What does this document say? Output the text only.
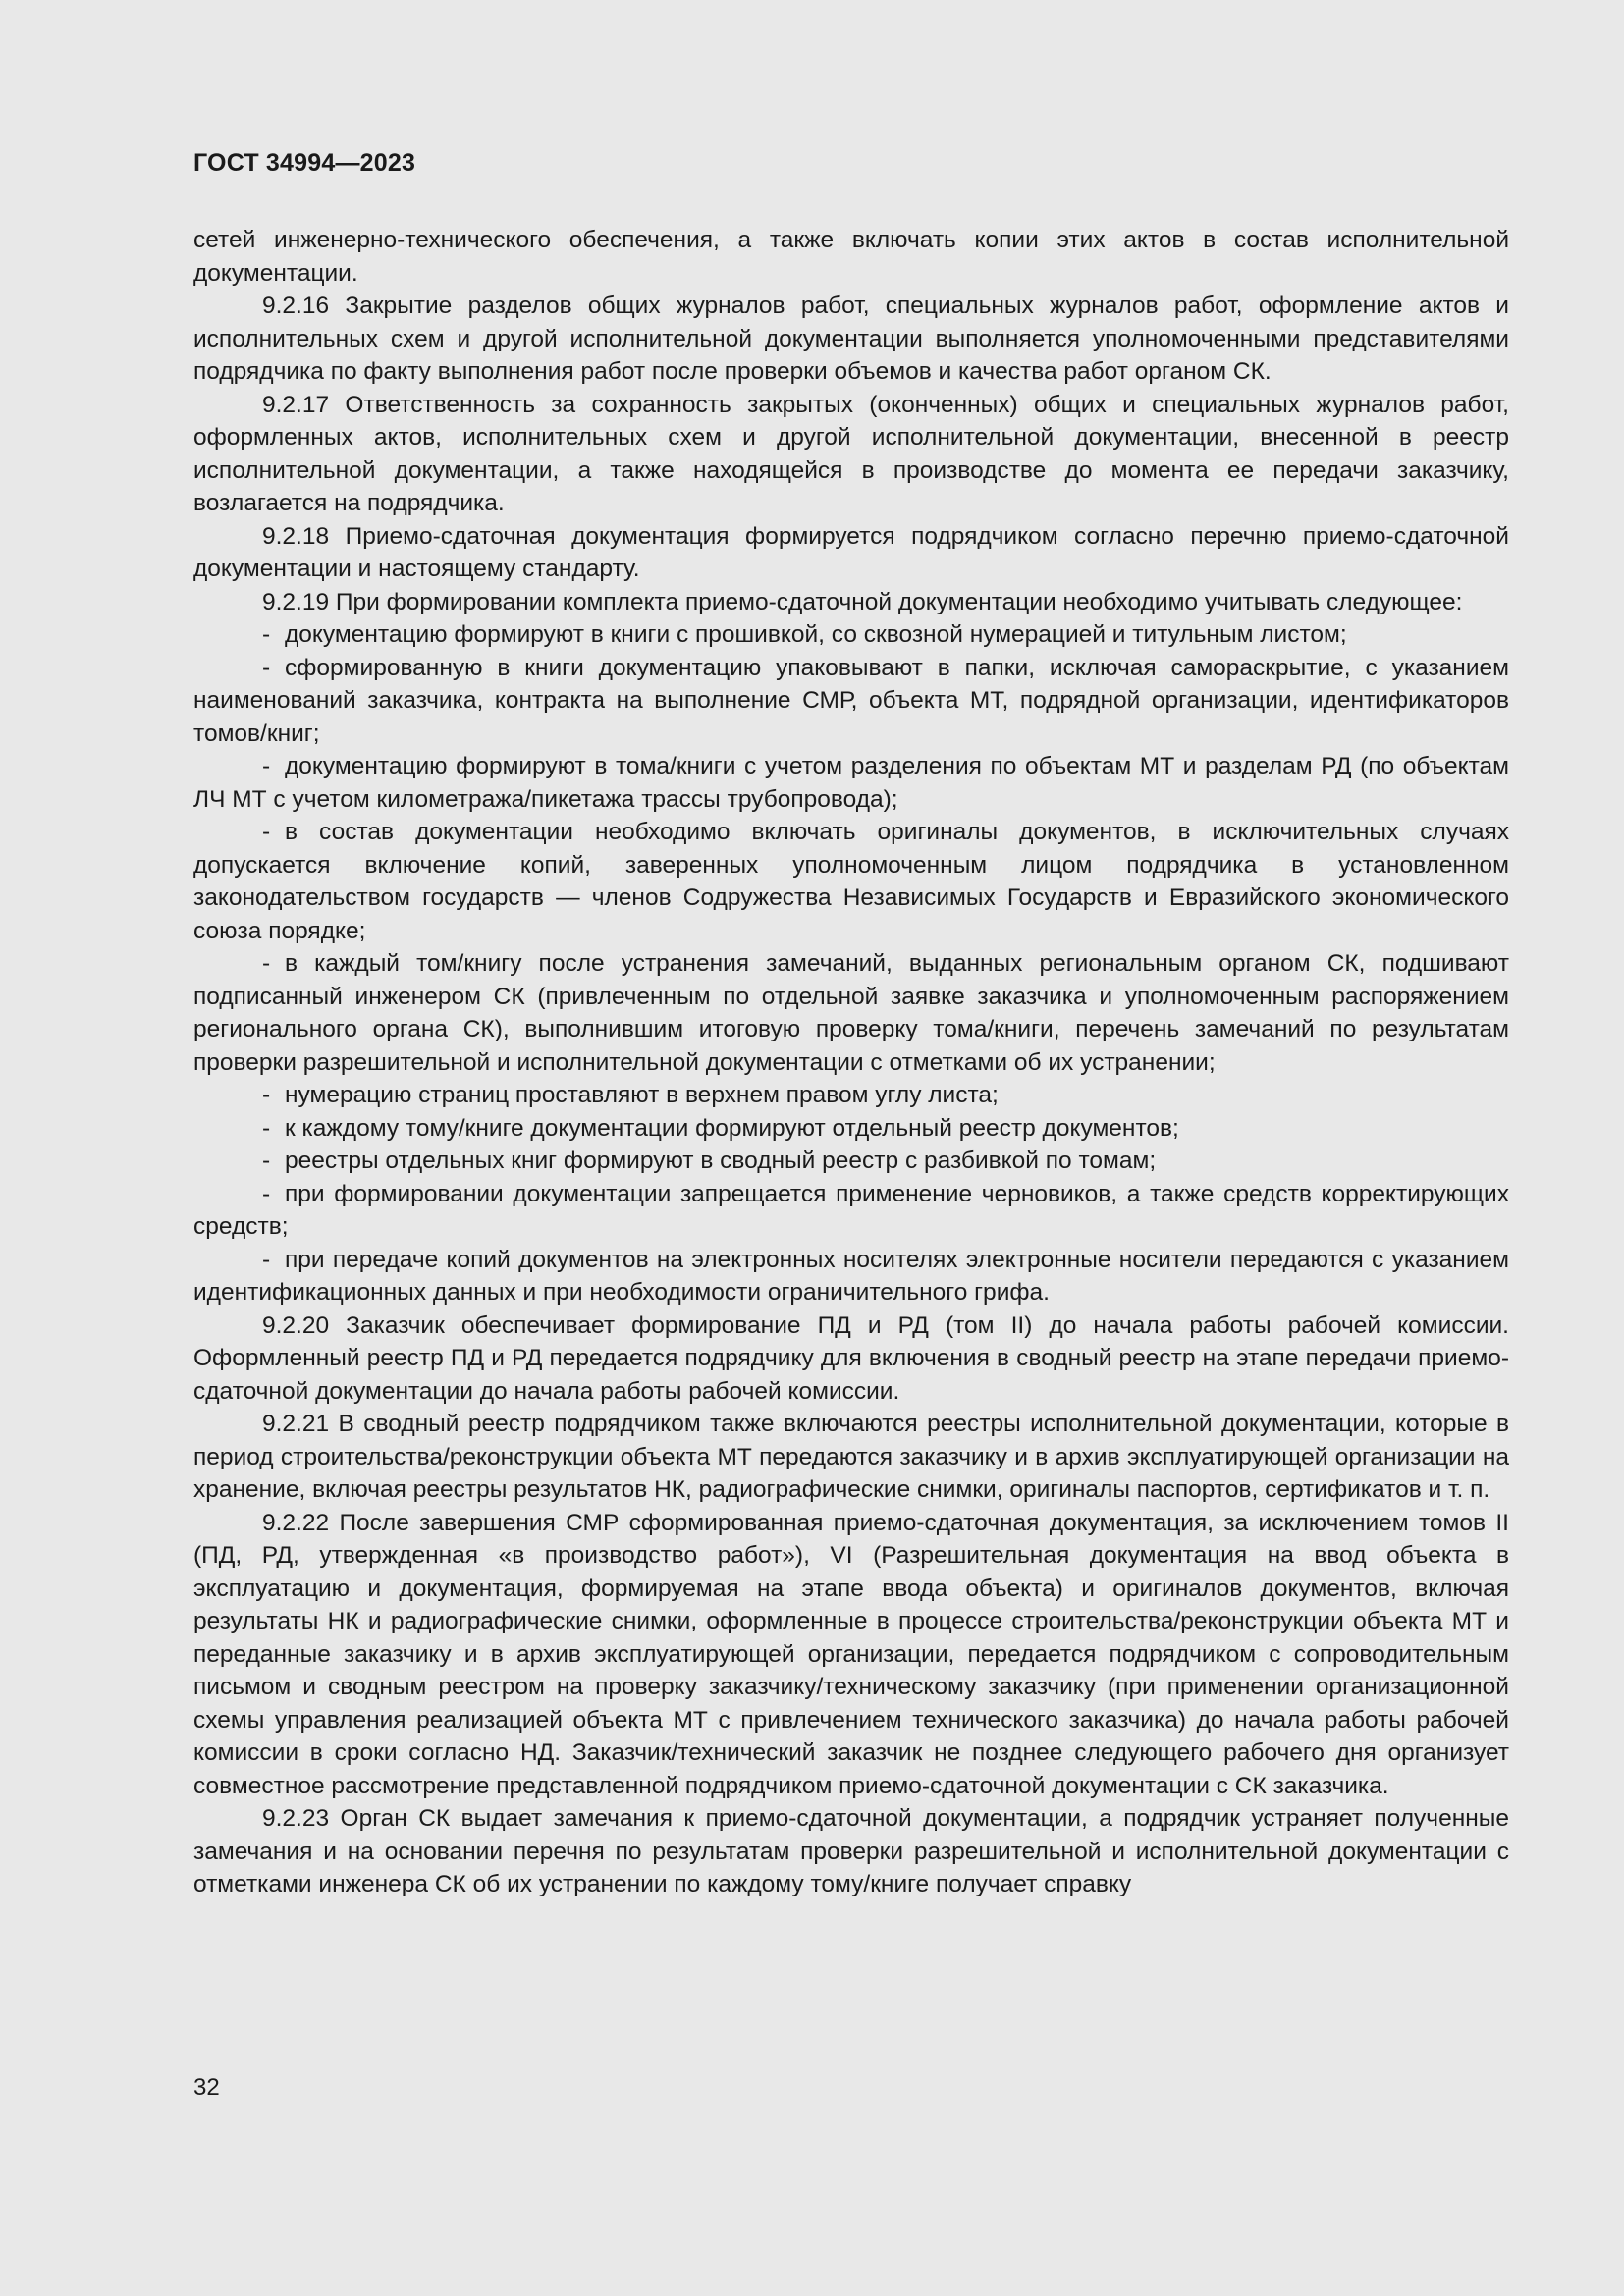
ГОСТ 34994—2023

сетей инженерно-технического обеспечения, а также включать копии этих актов в состав исполнительной документации.

9.2.16 Закрытие разделов общих журналов работ, специальных журналов работ, оформление актов и исполнительных схем и другой исполнительной документации выполняется уполномоченными представителями подрядчика по факту выполнения работ после проверки объемов и качества работ органом СК.

9.2.17 Ответственность за сохранность закрытых (оконченных) общих и специальных журналов работ, оформленных актов, исполнительных схем и другой исполнительной документации, внесенной в реестр исполнительной документации, а также находящейся в производстве до момента ее передачи заказчику, возлагается на подрядчика.

9.2.18 Приемо-сдаточная документация формируется подрядчиком согласно перечню приемо-сдаточной документации и настоящему стандарту.

9.2.19 При формировании комплекта приемо-сдаточной документации необходимо учитывать следующее:

- документацию формируют в книги с прошивкой, со сквозной нумерацией и титульным листом;

- сформированную в книги документацию упаковывают в папки, исключая самораскрытие, с указанием наименований заказчика, контракта на выполнение СМР, объекта МТ, подрядной организации, идентификаторов томов/книг;

- документацию формируют в тома/книги с учетом разделения по объектам МТ и разделам РД (по объектам ЛЧ МТ с учетом километража/пикетажа трассы трубопровода);

- в состав документации необходимо включать оригиналы документов, в исключительных случаях допускается включение копий, заверенных уполномоченным лицом подрядчика в установленном законодательством государств — членов Содружества Независимых Государств и Евразийского экономического союза порядке;

- в каждый том/книгу после устранения замечаний, выданных региональным органом СК, подшивают подписанный инженером СК (привлеченным по отдельной заявке заказчика и уполномоченным распоряжением регионального органа СК), выполнившим итоговую проверку тома/книги, перечень замечаний по результатам проверки разрешительной и исполнительной документации с отметками об их устранении;

- нумерацию страниц проставляют в верхнем правом углу листа;

- к каждому тому/книге документации формируют отдельный реестр документов;

- реестры отдельных книг формируют в сводный реестр с разбивкой по томам;

- при формировании документации запрещается применение черновиков, а также средств корректирующих средств;

- при передаче копий документов на электронных носителях электронные носители передаются с указанием идентификационных данных и при необходимости ограничительного грифа.

9.2.20 Заказчик обеспечивает формирование ПД и РД (том II) до начала работы рабочей комиссии. Оформленный реестр ПД и РД передается подрядчику для включения в сводный реестр на этапе передачи приемо-сдаточной документации до начала работы рабочей комиссии.

9.2.21 В сводный реестр подрядчиком также включаются реестры исполнительной документации, которые в период строительства/реконструкции объекта МТ передаются заказчику и в архив эксплуатирующей организации на хранение, включая реестры результатов НК, радиографические снимки, оригиналы паспортов, сертификатов и т. п.

9.2.22 После завершения СМР сформированная приемо-сдаточная документация, за исключением томов II (ПД, РД, утвержденная «в производство работ»), VI (Разрешительная документация на ввод объекта в эксплуатацию и документация, формируемая на этапе ввода объекта) и оригиналов документов, включая результаты НК и радиографические снимки, оформленные в процессе строительства/реконструкции объекта МТ и переданные заказчику и в архив эксплуатирующей организации, передается подрядчиком с сопроводительным письмом и сводным реестром на проверку заказчику/техническому заказчику (при применении организационной схемы управления реализацией объекта МТ с привлечением технического заказчика) до начала работы рабочей комиссии в сроки согласно НД. Заказчик/технический заказчик не позднее следующего рабочего дня организует совместное рассмотрение представленной подрядчиком приемо-сдаточной документации с СК заказчика.

9.2.23 Орган СК выдает замечания к приемо-сдаточной документации, а подрядчик устраняет полученные замечания и на основании перечня по результатам проверки разрешительной и исполнительной документации с отметками инженера СК об их устранении по каждому тому/книге получает справку

32
